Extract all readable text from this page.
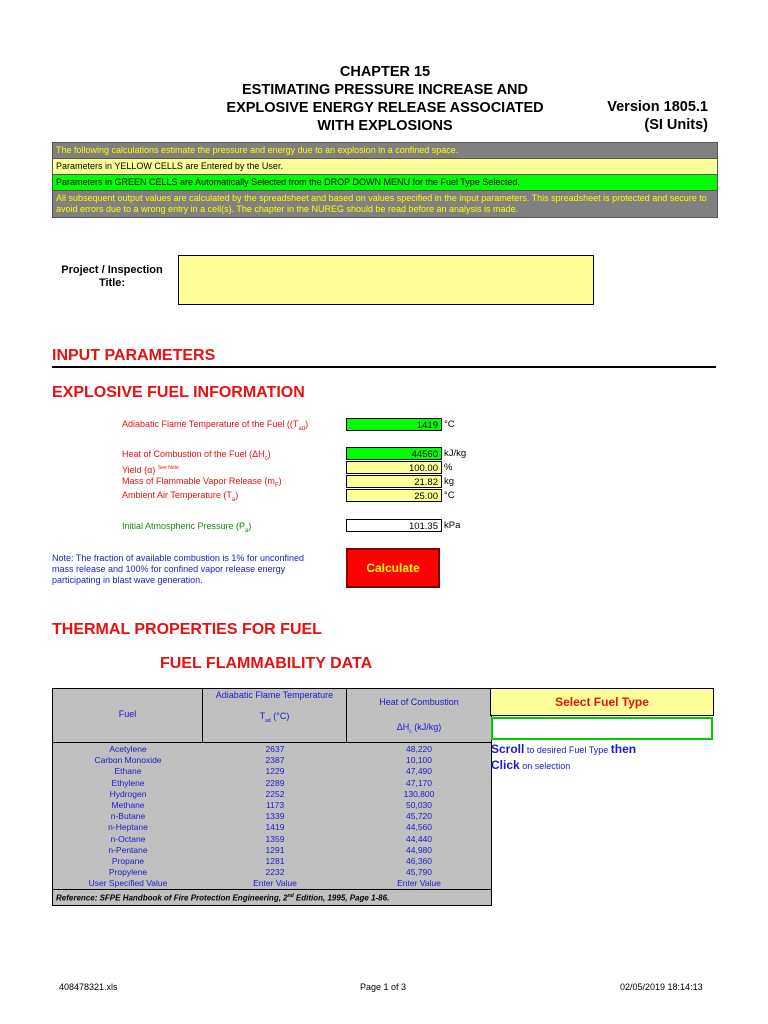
CHAPTER 15
ESTIMATING PRESSURE INCREASE AND
EXPLOSIVE ENERGY RELEASE ASSOCIATED
WITH EXPLOSIONS
Version 1805.1
(SI Units)
The following calculations estimate the pressure and energy due to an explosion in a confined space.
Parameters in YELLOW CELLS are Entered by the User.
Parameters in GREEN CELLS are Automatically Selected from the DROP DOWN MENU for the Fuel Type Selected.
All subsequent output values are calculated by the spreadsheet and based on values specified in the input parameters. This spreadsheet is protected and secure to avoid errors due to a wrong entry in a cell(s). The chapter in the NUREG should be read before an analysis is made.
Project / Inspection
Title:
INPUT PARAMETERS
EXPLOSIVE FUEL INFORMATION
Adiabatic Flame Temperature of the Fuel ($(T_{ad})$	1419 °C
Heat of Combustion of the Fuel $(\Delta H_c)$	44560 kJ/kg
Yield (α) $^{See Note}$	100.00 %
Mass of Flammable Vapor Release $(m_F)$	21.82 kg
Ambient Air Temperature $(T_a)$	25.00 °C
Initial Atmospheric Pressure $(P_a)$	101.35 kPa
Note: The fraction of available combustion is 1% for unconfined mass release and 100% for confined vapor release energy participating in blast wave generation.
Calculate
THERMAL PROPERTIES FOR FUEL
FUEL FLAMMABILITY DATA
Fuel
Adiabatic Flame Temperature
$T_{ad}$ (°C)
Heat of Combustion
$\Delta H_c$ (kJ/kg)
Acetylene	2637	48,220
Carbon Monoxide	2387	10,100
Ethane	1229	47,490
Ethylene	2289	47,170
Hydrogen	2252	130,800
Methane	1173	50,030
n-Butane	1339	45,720
n-Heptane	1419	44,560
n-Octane	1359	44,440
n-Pentane	1291	44,980
Propane	1281	46,360
Propylene	2232	45,790
User Specified Value	Enter Value	Enter Value
Reference: SFPE Handbook of Fire Protection Engineering, 2nd Edition, 1995, Page 1-86.
Select Fuel Type
Scroll to desired Fuel Type then
Click on selection
408478321.xls	Page 1 of 3	02/05/2019 18:14:13
